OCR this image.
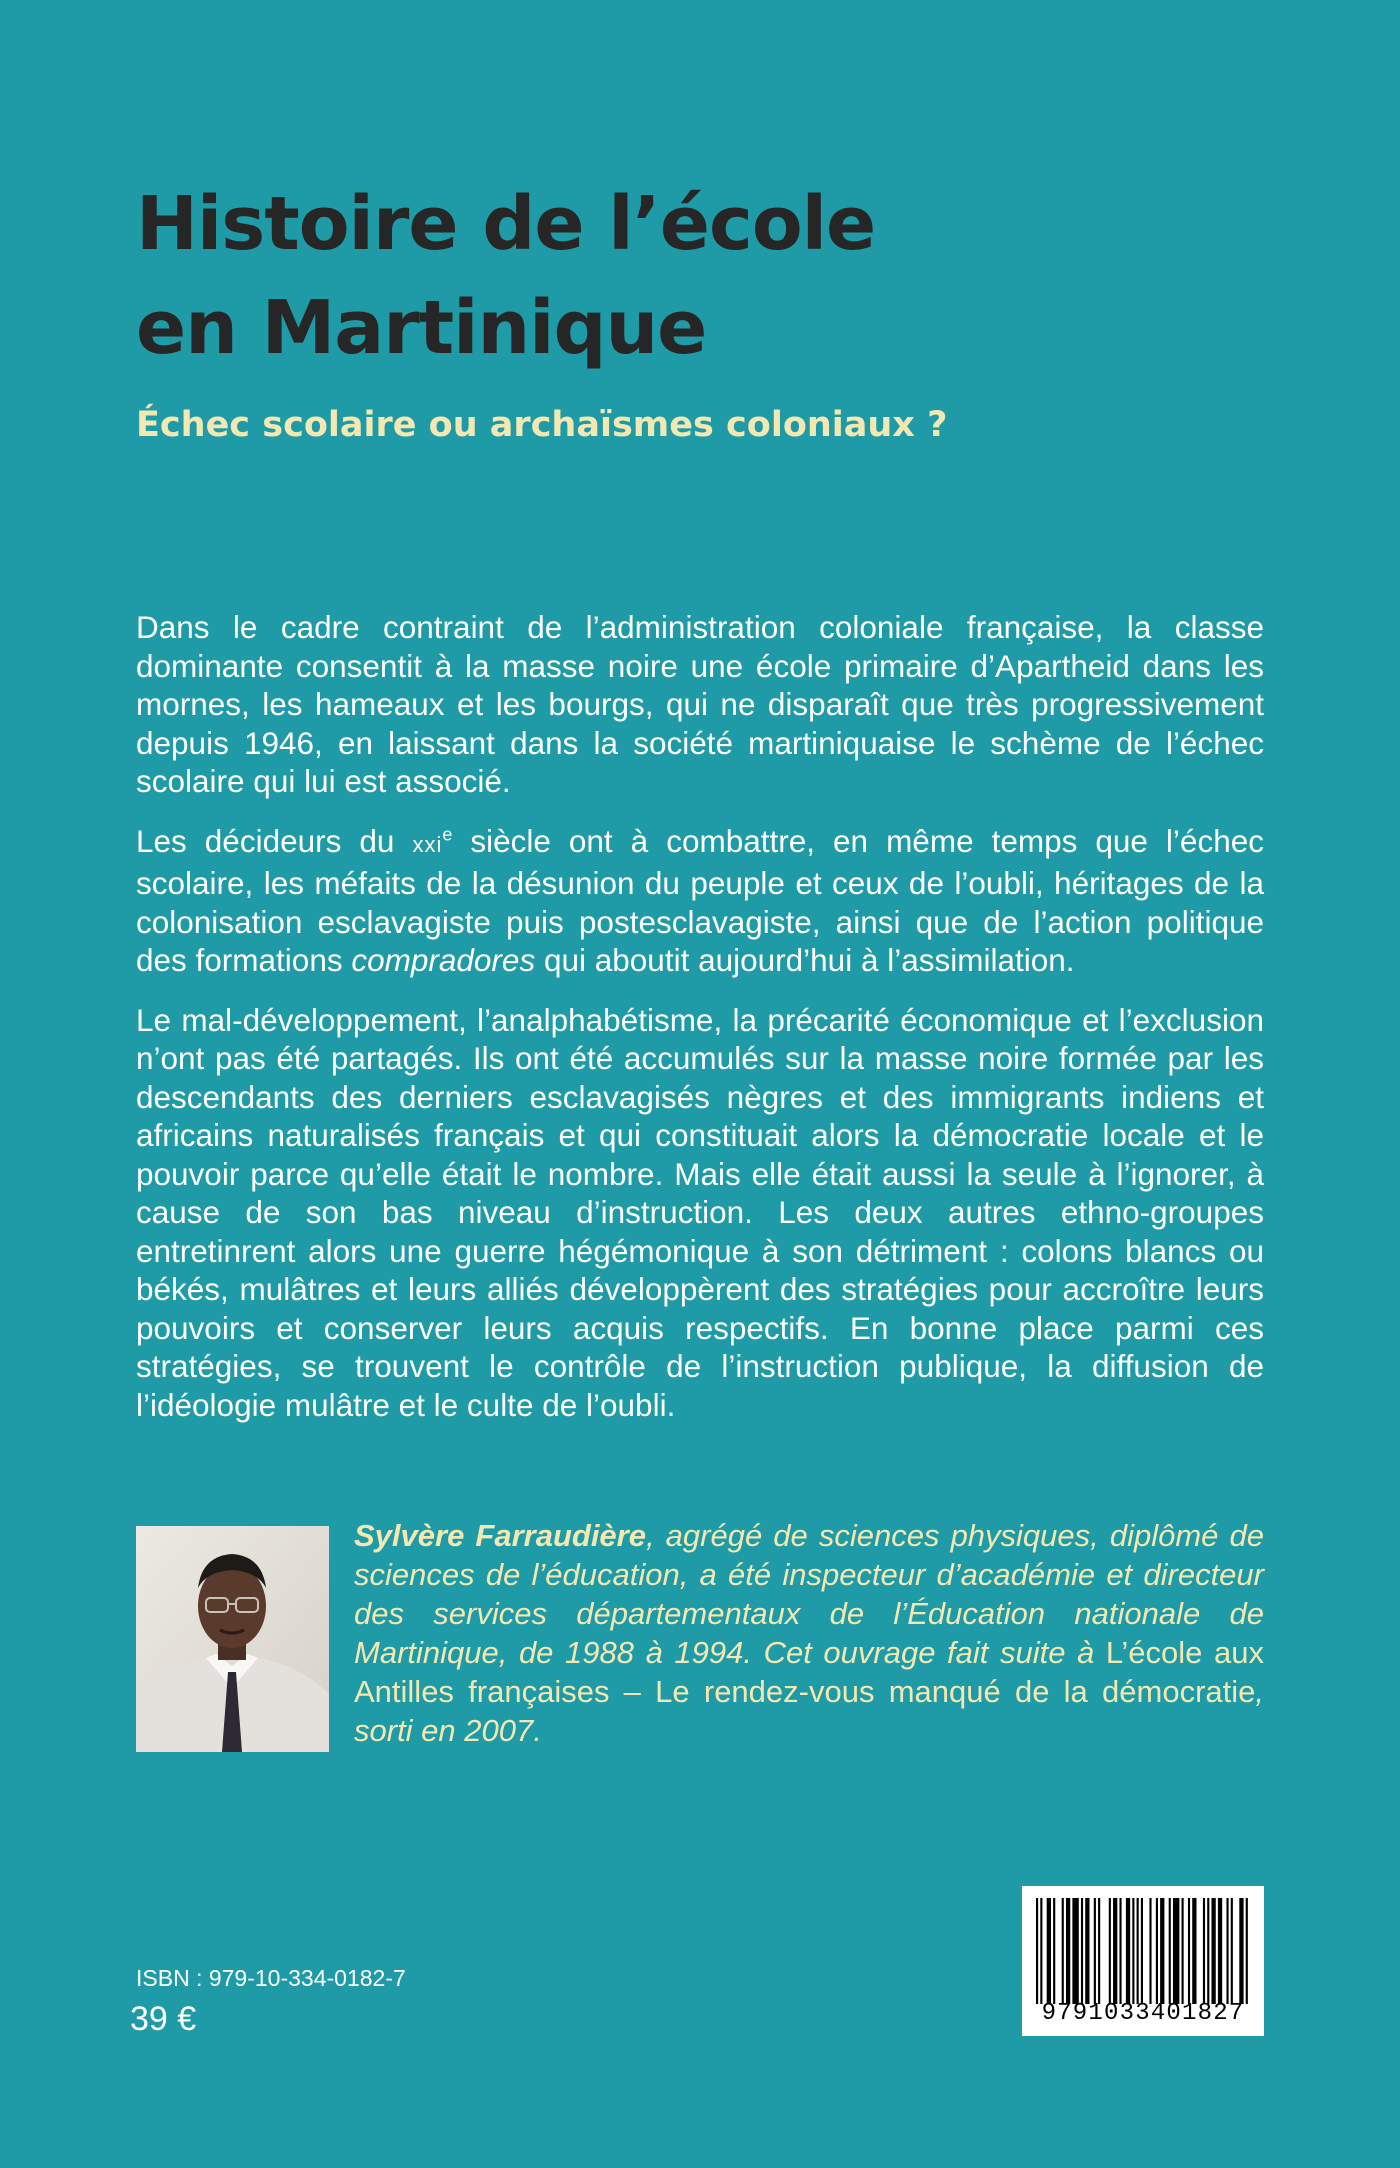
Histoire de l’école
en Martinique
Échec scolaire ou archaïsmes coloniaux ?

Dans le cadre contraint de l’administration coloniale française, la classe dominante consentit à la masse noire une école primaire d’Apartheid dans les mornes, les hameaux et les bourgs, qui ne disparaît que très progressivement depuis 1946, en laissant dans la société martiniquaise le schème de l’échec scolaire qui lui est associé.

Les décideurs du xxi$^e$ siècle ont à combattre, en même temps que l’échec scolaire, les méfaits de la désunion du peuple et ceux de l’oubli, héritages de la colonisation esclavagiste puis postesclavagiste, ainsi que de l’action politique des formations compradores qui aboutit aujourd’hui à l’assimilation.

Le mal-développement, l’analphabétisme, la précarité économique et l’exclusion n’ont pas été partagés. Ils ont été accumulés sur la masse noire formée par les descendants des derniers esclavagisés nègres et des immigrants indiens et africains naturalisés français et qui constituait alors la démocratie locale et le pouvoir parce qu’elle était le nombre. Mais elle était aussi la seule à l’ignorer, à cause de son bas niveau d’instruction. Les deux autres ethno-groupes entretinrent alors une guerre hégémonique à son détriment : colons blancs ou békés, mulâtres et leurs alliés développèrent des stratégies pour accroître leurs pouvoirs et conserver leurs acquis respectifs. En bonne place parmi ces stratégies, se trouvent le contrôle de l’instruction publique, la diffusion de l’idéologie mulâtre et le culte de l’oubli.

Sylvère Farraudière, agrégé de sciences physiques, diplômé de sciences de l’éducation, a été inspecteur d’académie et directeur des services départementaux de l’Éducation nationale de Martinique, de 1988 à 1994. Cet ouvrage fait suite à L’école aux Antilles françaises – Le rendez-vous manqué de la démocratie, sorti en 2007.

ISBN : 979-10-334-0182-7
39 €	9791033401827
